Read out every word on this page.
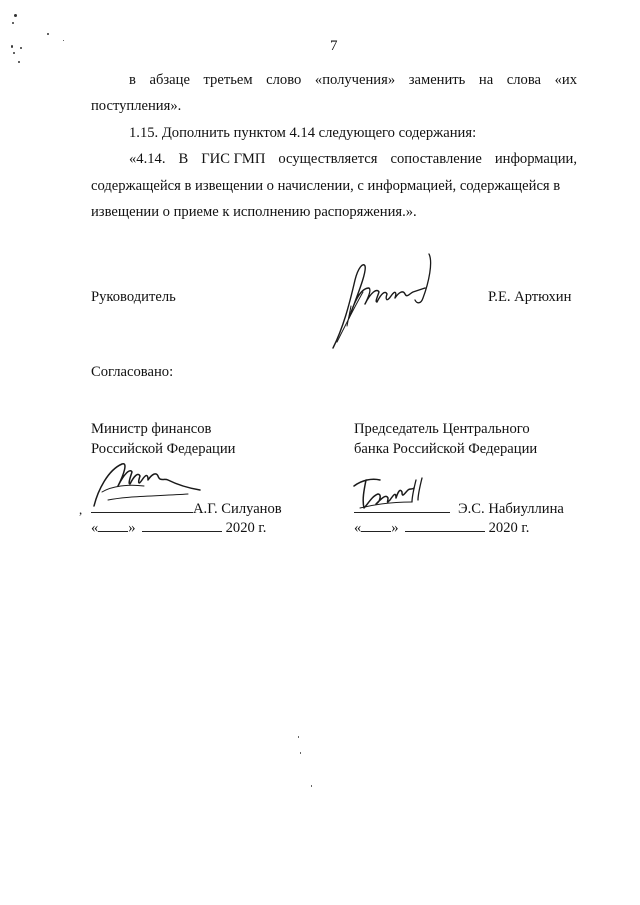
7
в абзаце третьем слово «получения» заменить на слова «их
поступления».
1.15. Дополнить пунктом 4.14 следующего содержания:
«4.14. В ГИС ГМП осуществляется сопоставление информации,
содержащейся в извещении о начислении, с информацией, содержащейся в
извещении о приеме к исполнению распоряжения.».
Руководитель	Р.Е. Артюхин
Согласовано:
Министр финансов
Российской Федерации
А.Г. Силуанов
« »	2020 г.
,
Председатель Центрального
банка Российской Федерации
Э.С. Набиуллина
« »	2020 г.
